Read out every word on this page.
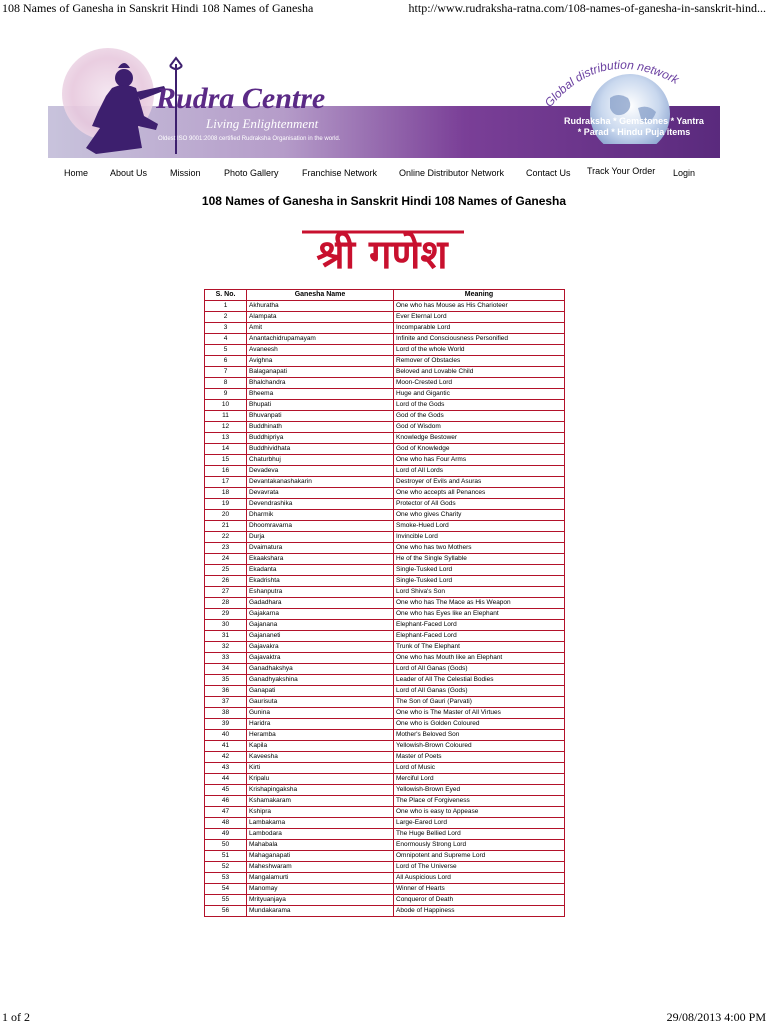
108 Names of Ganesha in Sanskrit Hindi 108 Names of Ganesha	http://www.rudraksha-ratna.com/108-names-of-ganesha-in-sanskrit-hind...
Rudra Centre
Living Enlightenment
Oldest ISO 9001:2008 certified Rudraksha Organisation in the world.
Global distribution network
Rudraksha * Gemstones * Yantra
* Parad * Hindu Puja items
Home About Us	Mission	Photo Gallery	Franchise Network Online Distributor Network Contact Us Track Your Order Login
108 Names of Ganesha in Sanskrit Hindi 108 Names of Ganesha
श्री गणेश
S. No.	Ganesha Name	Meaning
1	Akhuratha	One who has Mouse as His Charioteer
2	Alampata	Ever Eternal Lord
3	Amit	Incomparable Lord
4	Anantachidrupamayam	Infinite and Consciousness Personified
5	Avaneesh	Lord of the whole World
6	Avighna	Remover of Obstacles
7	Balaganapati	Beloved and Lovable Child
8	Bhalchandra	Moon-Crested Lord
9	Bheema	Huge and Gigantic
10	Bhupati	Lord of the Gods
11	Bhuvanpati	God of the Gods
12	Buddhinath	God of Wisdom
13	Buddhipriya	Knowledge Bestower
14	Buddhividhata	God of Knowledge
15	Chaturbhuj	One who has Four Arms
16	Devadeva	Lord of All Lords
17	Devantakanashakarin	Destroyer of Evils and Asuras
18	Devavrata	One who accepts all Penances
19	Devendrashika	Protector of All Gods
20	Dharmik	One who gives Charity
21	Dhoomravarna	Smoke-Hued Lord
22	Durja	Invincible Lord
23	Dvaimatura	One who has two Mothers
24	Ekaakshara	He of the Single Syllable
25	Ekadanta	Single-Tusked Lord
26	Ekadrishta	Single-Tusked Lord
27	Eshanputra	Lord Shiva's Son
28	Gadadhara	One who has The Mace as His Weapon
29	Gajakarna	One who has Eyes like an Elephant
30	Gajanana	Elephant-Faced Lord
31	Gajananeti	Elephant-Faced Lord
32	Gajavakra	Trunk of The Elephant
33	Gajavaktra	One who has Mouth like an Elephant
34	Ganadhakshya	Lord of All Ganas (Gods)
35	Ganadhyakshina	Leader of All The Celestial Bodies
36	Ganapati	Lord of All Ganas (Gods)
37	Gaurisuta	The Son of Gauri (Parvati)
38	Gunina	One who is The Master of All Virtues
39	Haridra	One who is Golden Coloured
40	Heramba	Mother's Beloved Son
41	Kapila	Yellowish-Brown Coloured
42	Kaveesha	Master of Poets
43	Kirti	Lord of Music
44	Kripalu	Merciful Lord
45	Krishapingaksha	Yellowish-Brown Eyed
46	Kshamakaram	The Place of Forgiveness
47	Kshipra	One who is easy to Appease
48	Lambakarna	Large-Eared Lord
49	Lambodara	The Huge Bellied Lord
50	Mahabala	Enormously Strong Lord
51	Mahaganapati	Omnipotent and Supreme Lord
52	Maheshwaram	Lord of The Universe
53	Mangalamurti	All Auspicious Lord
54	Manomay	Winner of Hearts
55	Mrityuanjaya	Conqueror of Death
56	Mundakarama	Abode of Happiness
1 of 2	29/08/2013 4:00 PM
